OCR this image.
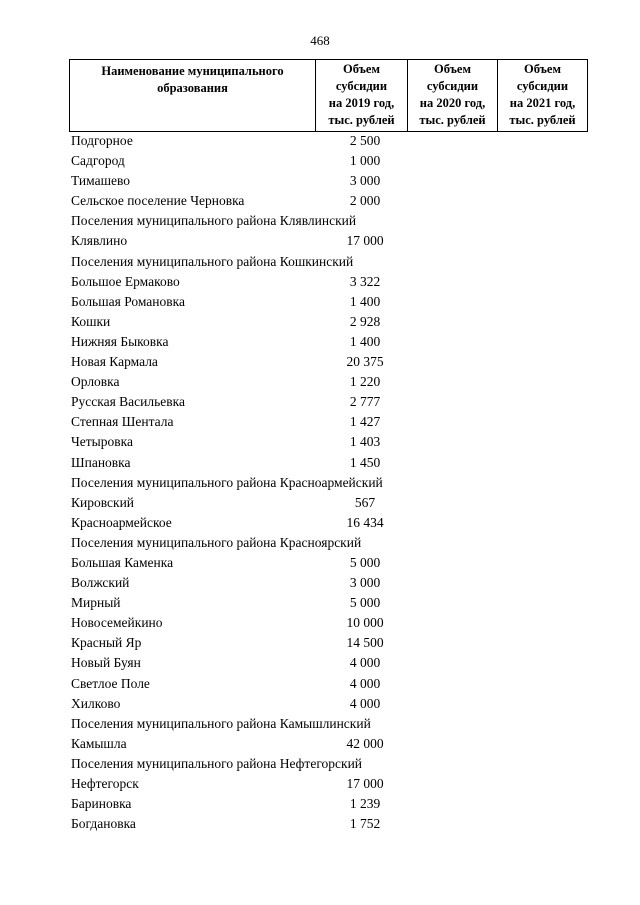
468
Наименование муниципального
образования	Объем
субсидии
на 2019 год,
тыс. рублей	Объем
субсидии
на 2020 год,
тыс. рублей	Объем
субсидии
на 2021 год,
тыс. рублей
Подгорное	2 500
Садгород	1 000
Тимашево	3 000
Сельское поселение Черновка	2 000
Поселения муниципального района Клявлинский
Клявлино	17 000
Поселения муниципального района Кошкинский
Большое Ермаково	3 322
Большая Романовка	1 400
Кошки	2 928
Нижняя Быковка	1 400
Новая Кармала	20 375
Орловка	1 220
Русская Васильевка	2 777
Степная Шентала	1 427
Четыровка	1 403
Шпановка	1 450
Поселения муниципального района Красноармейский
Кировский	567
Красноармейское	16 434
Поселения муниципального района Красноярский
Большая Каменка	5 000
Волжский	3 000
Мирный	5 000
Новосемейкино	10 000
Красный Яр	14 500
Новый Буян	4 000
Светлое Поле	4 000
Хилково	4 000
Поселения муниципального района Камышлинский
Камышла	42 000
Поселения муниципального района Нефтегорский
Нефтегорск	17 000
Бариновка	1 239
Богдановка	1 752
